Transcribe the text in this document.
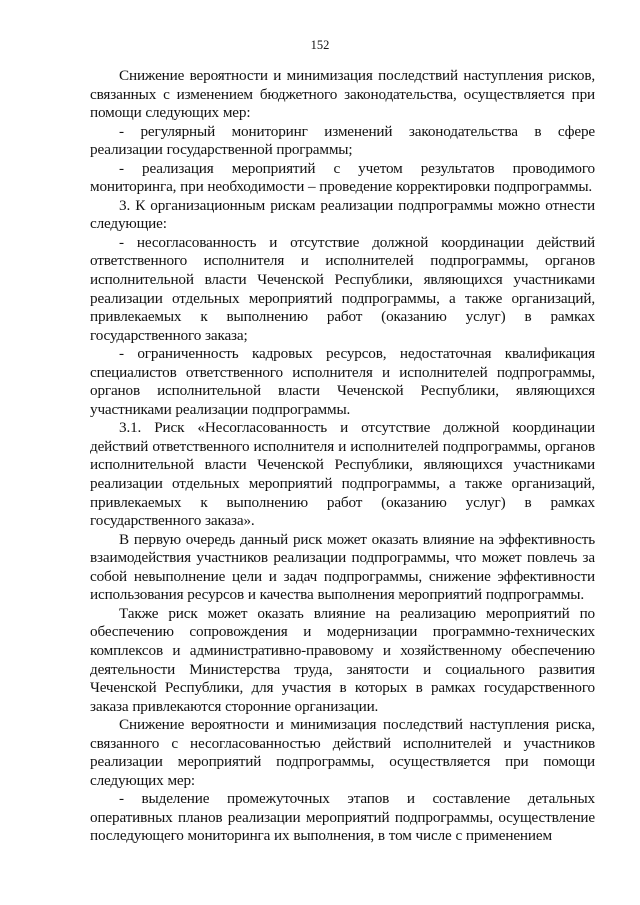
152

Снижение вероятности и минимизация последствий наступления рисков, связанных с изменением бюджетного законодательства, осуществляется при помощи следующих мер:

- регулярный мониторинг изменений законодательства в сфере реализации государственной программы;

- реализация мероприятий с учетом результатов проводимого мониторинга, при необходимости – проведение корректировки подпрограммы.

3. К организационным рискам реализации подпрограммы можно отнести следующие:

- несогласованность и отсутствие должной координации действий ответственного исполнителя и исполнителей подпрограммы, органов исполнительной власти Чеченской Республики, являющихся участниками реализации отдельных мероприятий подпрограммы, а также организаций, привлекаемых к выполнению работ (оказанию услуг) в рамках государственного заказа;

- ограниченность кадровых ресурсов, недостаточная квалификация специалистов ответственного исполнителя и исполнителей подпрограммы, органов исполнительной власти Чеченской Республики, являющихся участниками реализации подпрограммы.

3.1. Риск «Несогласованность и отсутствие должной координации действий ответственного исполнителя и исполнителей подпрограммы, органов исполнительной власти Чеченской Республики, являющихся участниками реализации отдельных мероприятий подпрограммы, а также организаций, привлекаемых к выполнению работ (оказанию услуг) в рамках государственного заказа».

В первую очередь данный риск может оказать влияние на эффективность взаимодействия участников реализации подпрограммы, что может повлечь за собой невыполнение цели и задач подпрограммы, снижение эффективности использования ресурсов и качества выполнения мероприятий подпрограммы.

Также риск может оказать влияние на реализацию мероприятий по обеспечению сопровождения и модернизации программно-технических комплексов и административно-правовому и хозяйственному обеспечению деятельности Министерства труда, занятости и социального развития Чеченской Республики, для участия в которых в рамках государственного заказа привлекаются сторонние организации.

Снижение вероятности и минимизация последствий наступления риска, связанного с несогласованностью действий исполнителей и участников реализации мероприятий подпрограммы, осуществляется при помощи следующих мер:

- выделение промежуточных этапов и составление детальных оперативных планов реализации мероприятий подпрограммы, осуществление последующего мониторинга их выполнения, в том числе с применением
